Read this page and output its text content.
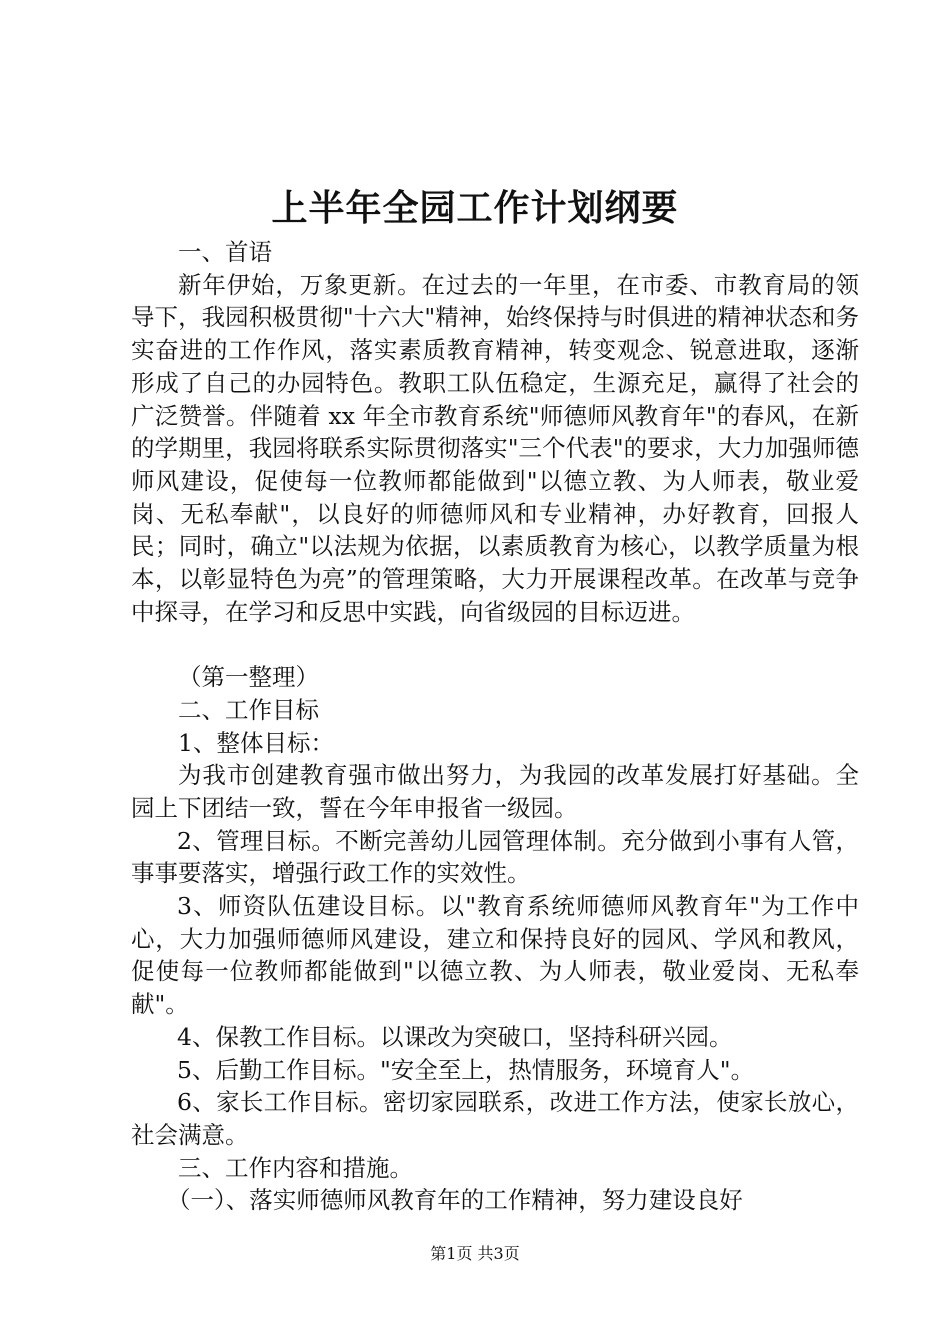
上半年全园工作计划纲要

一、首语

新年伊始，万象更新。在过去的一年里，在市委、市教育局的领导下，我园积极贯彻"十六大"精神，始终保持与时俱进的精神状态和务实奋进的工作作风，落实素质教育精神，转变观念、锐意进取，逐渐形成了自己的办园特色。教职工队伍稳定，生源充足，赢得了社会的广泛赞誉。伴随着 xx 年全市教育系统"师德师风教育年"的春风，在新的学期里，我园将联系实际贯彻落实"三个代表"的要求，大力加强师德师风建设，促使每一位教师都能做到"以德立教、为人师表，敬业爱岗、无私奉献"，以良好的师德师风和专业精神，办好教育，回报人民；同时，确立"以法规为依据，以素质教育为核心，以教学质量为根本，以彰显特色为亮”的管理策略，大力开展课程改革。在改革与竞争中探寻，在学习和反思中实践，向省级园的目标迈进。

（第一整理）

二、工作目标

1、整体目标：

为我市创建教育强市做出努力，为我园的改革发展打好基础。全园上下团结一致，誓在今年申报省一级园。

2、管理目标。不断完善幼儿园管理体制。充分做到小事有人管，事事要落实，增强行政工作的实效性。

3、师资队伍建设目标。以"教育系统师德师风教育年"为工作中心，大力加强师德师风建设，建立和保持良好的园风、学风和教风，促使每一位教师都能做到"以德立教、为人师表，敬业爱岗、无私奉献"。

4、保教工作目标。以课改为突破口，坚持科研兴园。

5、后勤工作目标。"安全至上，热情服务，环境育人"。

6、家长工作目标。密切家园联系，改进工作方法，使家长放心，社会满意。

三、工作内容和措施。

（一）、落实师德师风教育年的工作精神，努力建设良好

第1页 共3页
